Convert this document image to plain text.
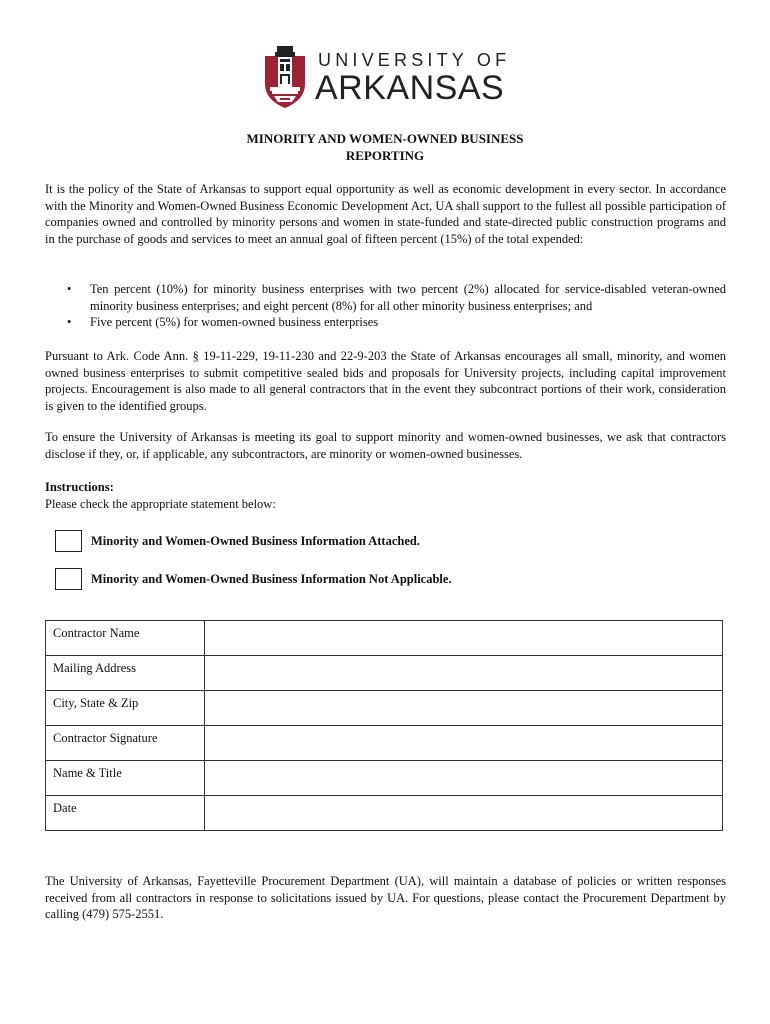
UNIVERSITY OF
ARKANSAS
MINORITY AND WOMEN-OWNED BUSINESS
REPORTING
It is the policy of the State of Arkansas to support equal opportunity as well as economic development in every sector. In accordance with the Minority and Women-Owned Business Economic Development Act, UA shall support to the fullest all possible participation of companies owned and controlled by minority persons and women in state-funded and state-directed public construction programs and in the purchase of goods and services to meet an annual goal of fifteen percent (15%) of the total expended:
• Ten percent (10%) for minority business enterprises with two percent (2%) allocated for service-disabled veteran-owned minority business enterprises; and eight percent (8%) for all other minority business enterprises; and
• Five percent (5%) for women-owned business enterprises
Pursuant to Ark. Code Ann. § 19-11-229, 19-11-230 and 22-9-203 the State of Arkansas encourages all small, minority, and women owned business enterprises to submit competitive sealed bids and proposals for University projects, including capital improvement projects. Encouragement is also made to all general contractors that in the event they subcontract portions of their work, consideration is given to the identified groups.
To ensure the University of Arkansas is meeting its goal to support minority and women-owned businesses, we ask that contractors disclose if they, or, if applicable, any subcontractors, are minority or women-owned businesses.
Instructions:
Please check the appropriate statement below:
Minority and Women-Owned Business Information Attached.
Minority and Women-Owned Business Information Not Applicable.
Contractor Name	
Mailing Address	
City, State & Zip	
Contractor Signature	
Name & Title	
Date	
The University of Arkansas, Fayetteville Procurement Department (UA), will maintain a database of policies or written responses received from all contractors in response to solicitations issued by UA. For questions, please contact the Procurement Department by calling (479) 575-2551.
